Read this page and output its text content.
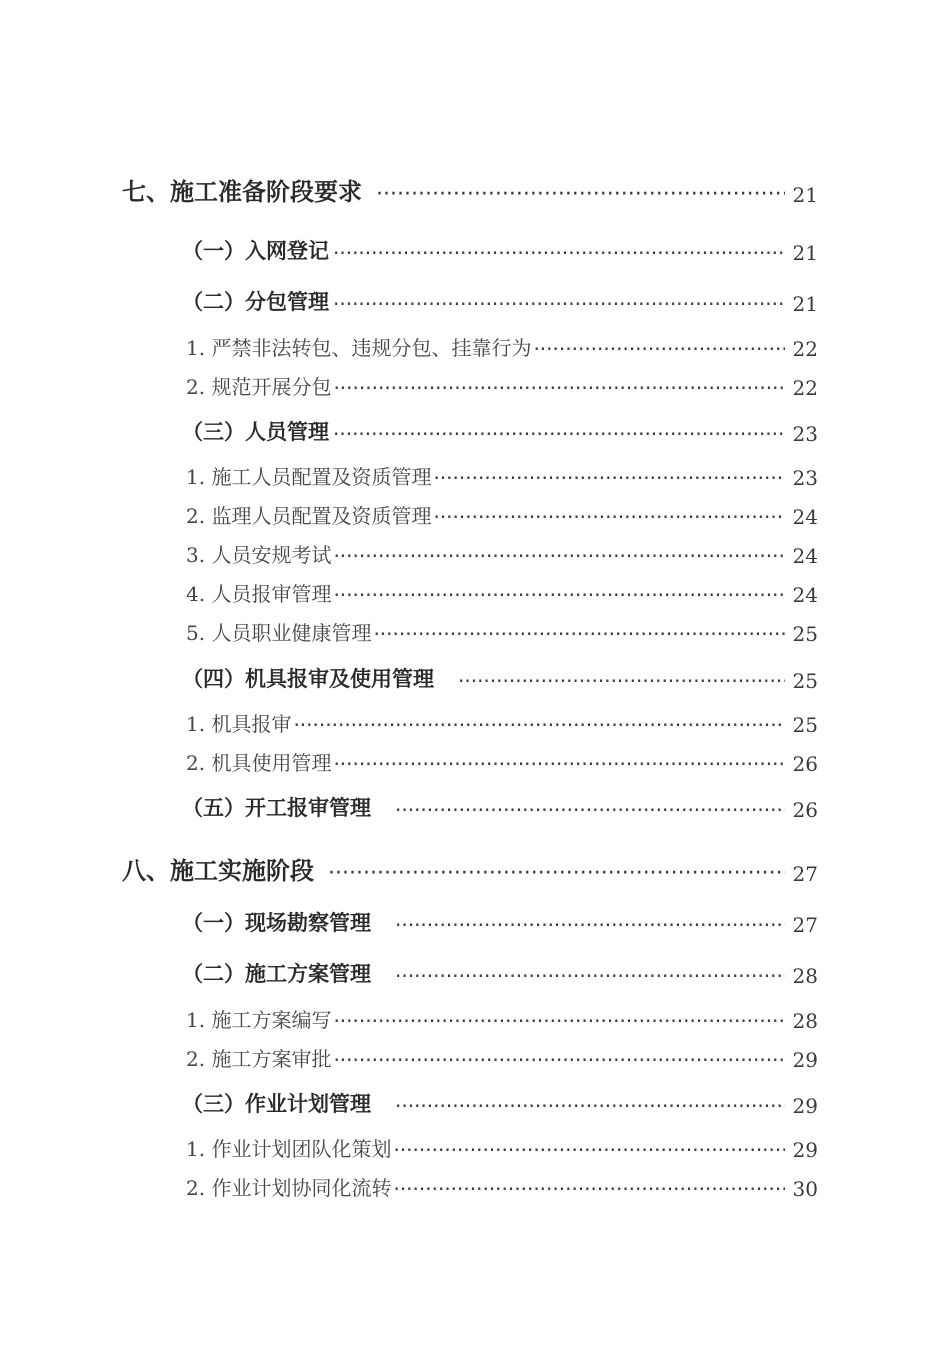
七、施工准备阶段要求 ·····	21
（一）入网登记 ·····	21
（二）分包管理 ·····	21
1. 严禁非法转包、违规分包、挂靠行为 ·····	22
2. 规范开展分包 ·····	22
（三）人员管理 ·····	23
1. 施工人员配置及资质管理 ·····	23
2. 监理人员配置及资质管理 ·····	24
3. 人员安规考试 ·····	24
4. 人员报审管理 ·····	24
5. 人员职业健康管理 ·····	25
（四）机具报审及使用管理 ·····	25
1. 机具报审 ·····	25
2. 机具使用管理 ·····	26
（五）开工报审管理 ·····	26
八、施工实施阶段 ·····	27
（一）现场勘察管理 ·····	27
（二）施工方案管理 ·····	28
1. 施工方案编写 ·····	28
2. 施工方案审批 ·····	29
（三）作业计划管理 ·····	29
1. 作业计划团队化策划 ·····	29
2. 作业计划协同化流转 ·····	30
